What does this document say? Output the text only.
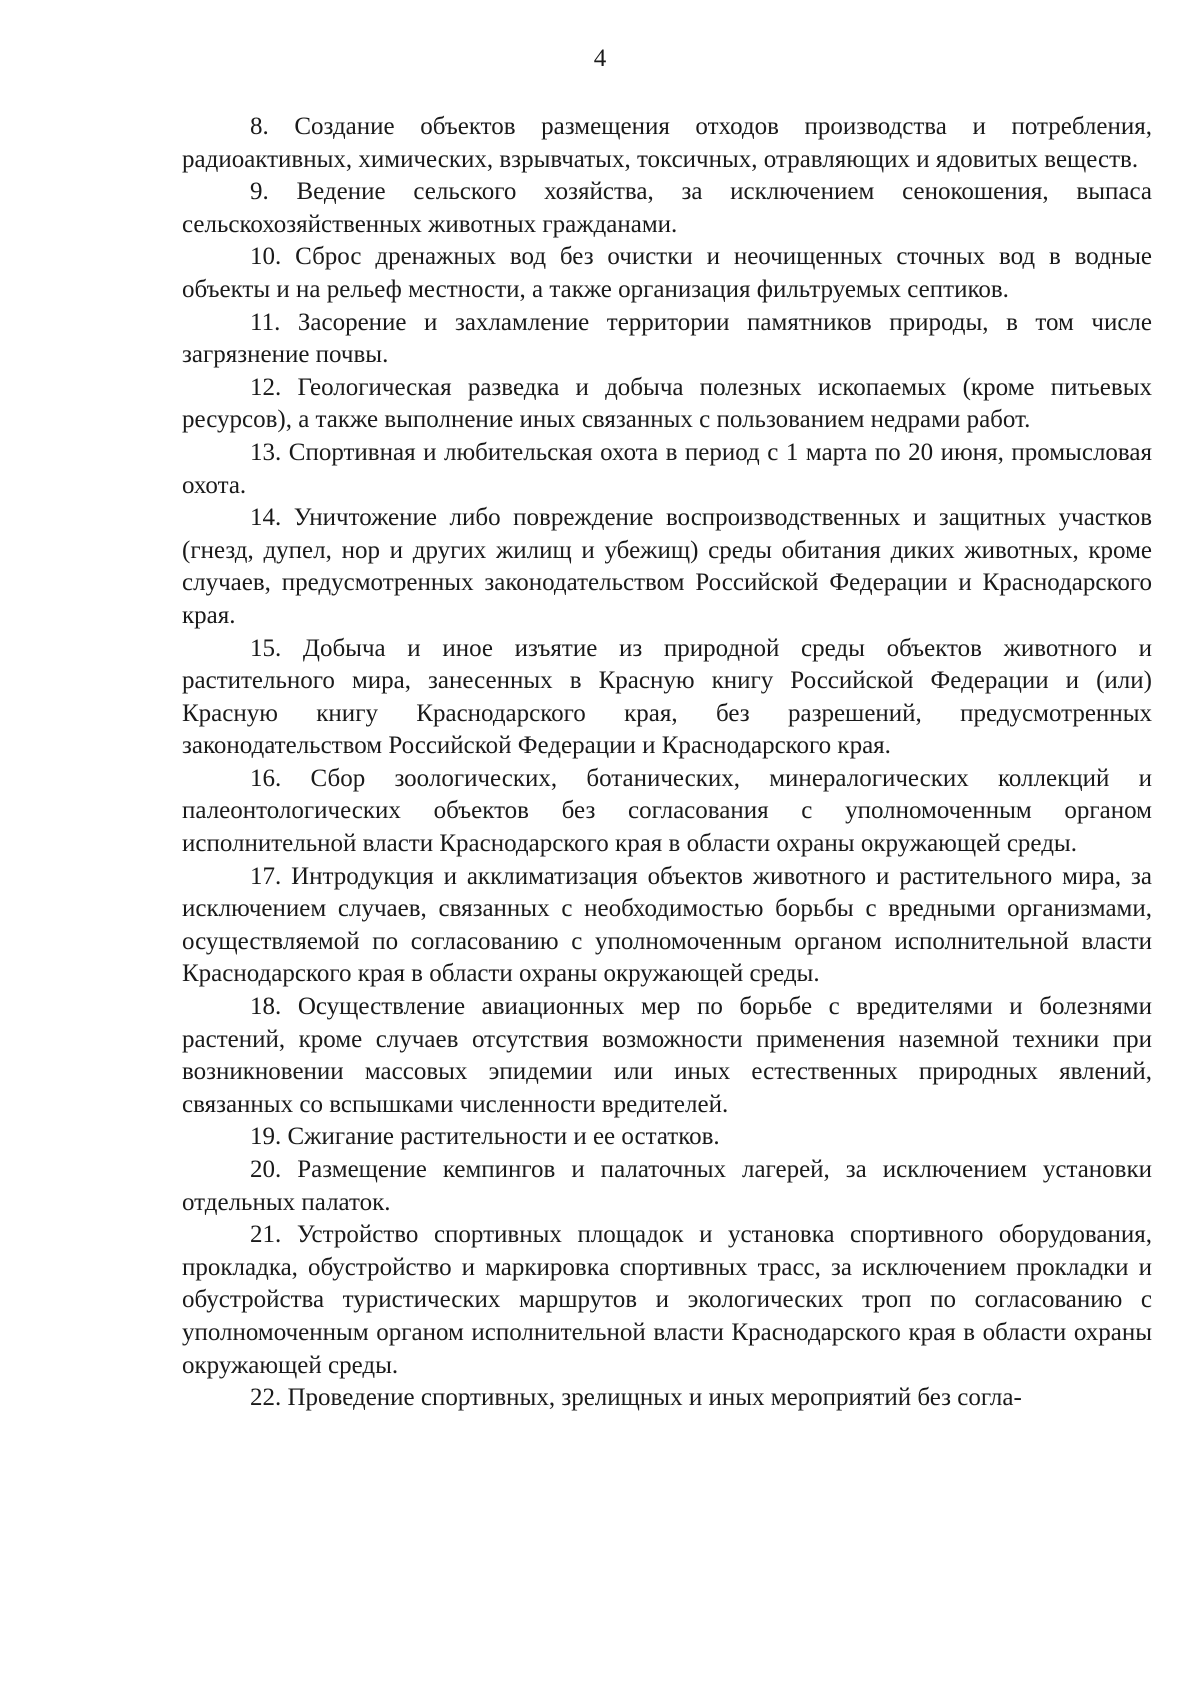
4

8. Создание объектов размещения отходов производства и потребления, радиоактивных, химических, взрывчатых, токсичных, отравляющих и ядовитых веществ.

9. Ведение сельского хозяйства, за исключением сенокошения, выпаса сельскохозяйственных животных гражданами.

10. Сброс дренажных вод без очистки и неочищенных сточных вод в водные объекты и на рельеф местности, а также организация фильтруемых септиков.

11. Засорение и захламление территории памятников природы, в том числе загрязнение почвы.

12. Геологическая разведка и добыча полезных ископаемых (кроме питьевых ресурсов), а также выполнение иных связанных с пользованием недрами работ.

13. Спортивная и любительская охота в период с 1 марта по 20 июня, промысловая охота.

14. Уничтожение либо повреждение воспроизводственных и защитных участков (гнезд, дупел, нор и других жилищ и убежищ) среды обитания диких животных, кроме случаев, предусмотренных законодательством Российской Федерации и Краснодарского края.

15. Добыча и иное изъятие из природной среды объектов животного и растительного мира, занесенных в Красную книгу Российской Федерации и (или) Красную книгу Краснодарского края, без разрешений, предусмотренных законодательством Российской Федерации и Краснодарского края.

16. Сбор зоологических, ботанических, минералогических коллекций и палеонтологических объектов без согласования с уполномоченным органом исполнительной власти Краснодарского края в области охраны окружающей среды.

17. Интродукция и акклиматизация объектов животного и растительного мира, за исключением случаев, связанных с необходимостью борьбы с вредными организмами, осуществляемой по согласованию с уполномоченным органом исполнительной власти Краснодарского края в области охраны окружающей среды.

18. Осуществление авиационных мер по борьбе с вредителями и болезнями растений, кроме случаев отсутствия возможности применения наземной техники при возникновении массовых эпидемии или иных естественных природных явлений, связанных со вспышками численности вредителей.

19. Сжигание растительности и ее остатков.

20. Размещение кемпингов и палаточных лагерей, за исключением установки отдельных палаток.

21. Устройство спортивных площадок и установка спортивного оборудования, прокладка, обустройство и маркировка спортивных трасс, за исключением прокладки и обустройства туристических маршрутов и экологических троп по согласованию с уполномоченным органом исполнительной власти Краснодарского края в области охраны окружающей среды.

22. Проведение спортивных, зрелищных и иных мероприятий без согла-
